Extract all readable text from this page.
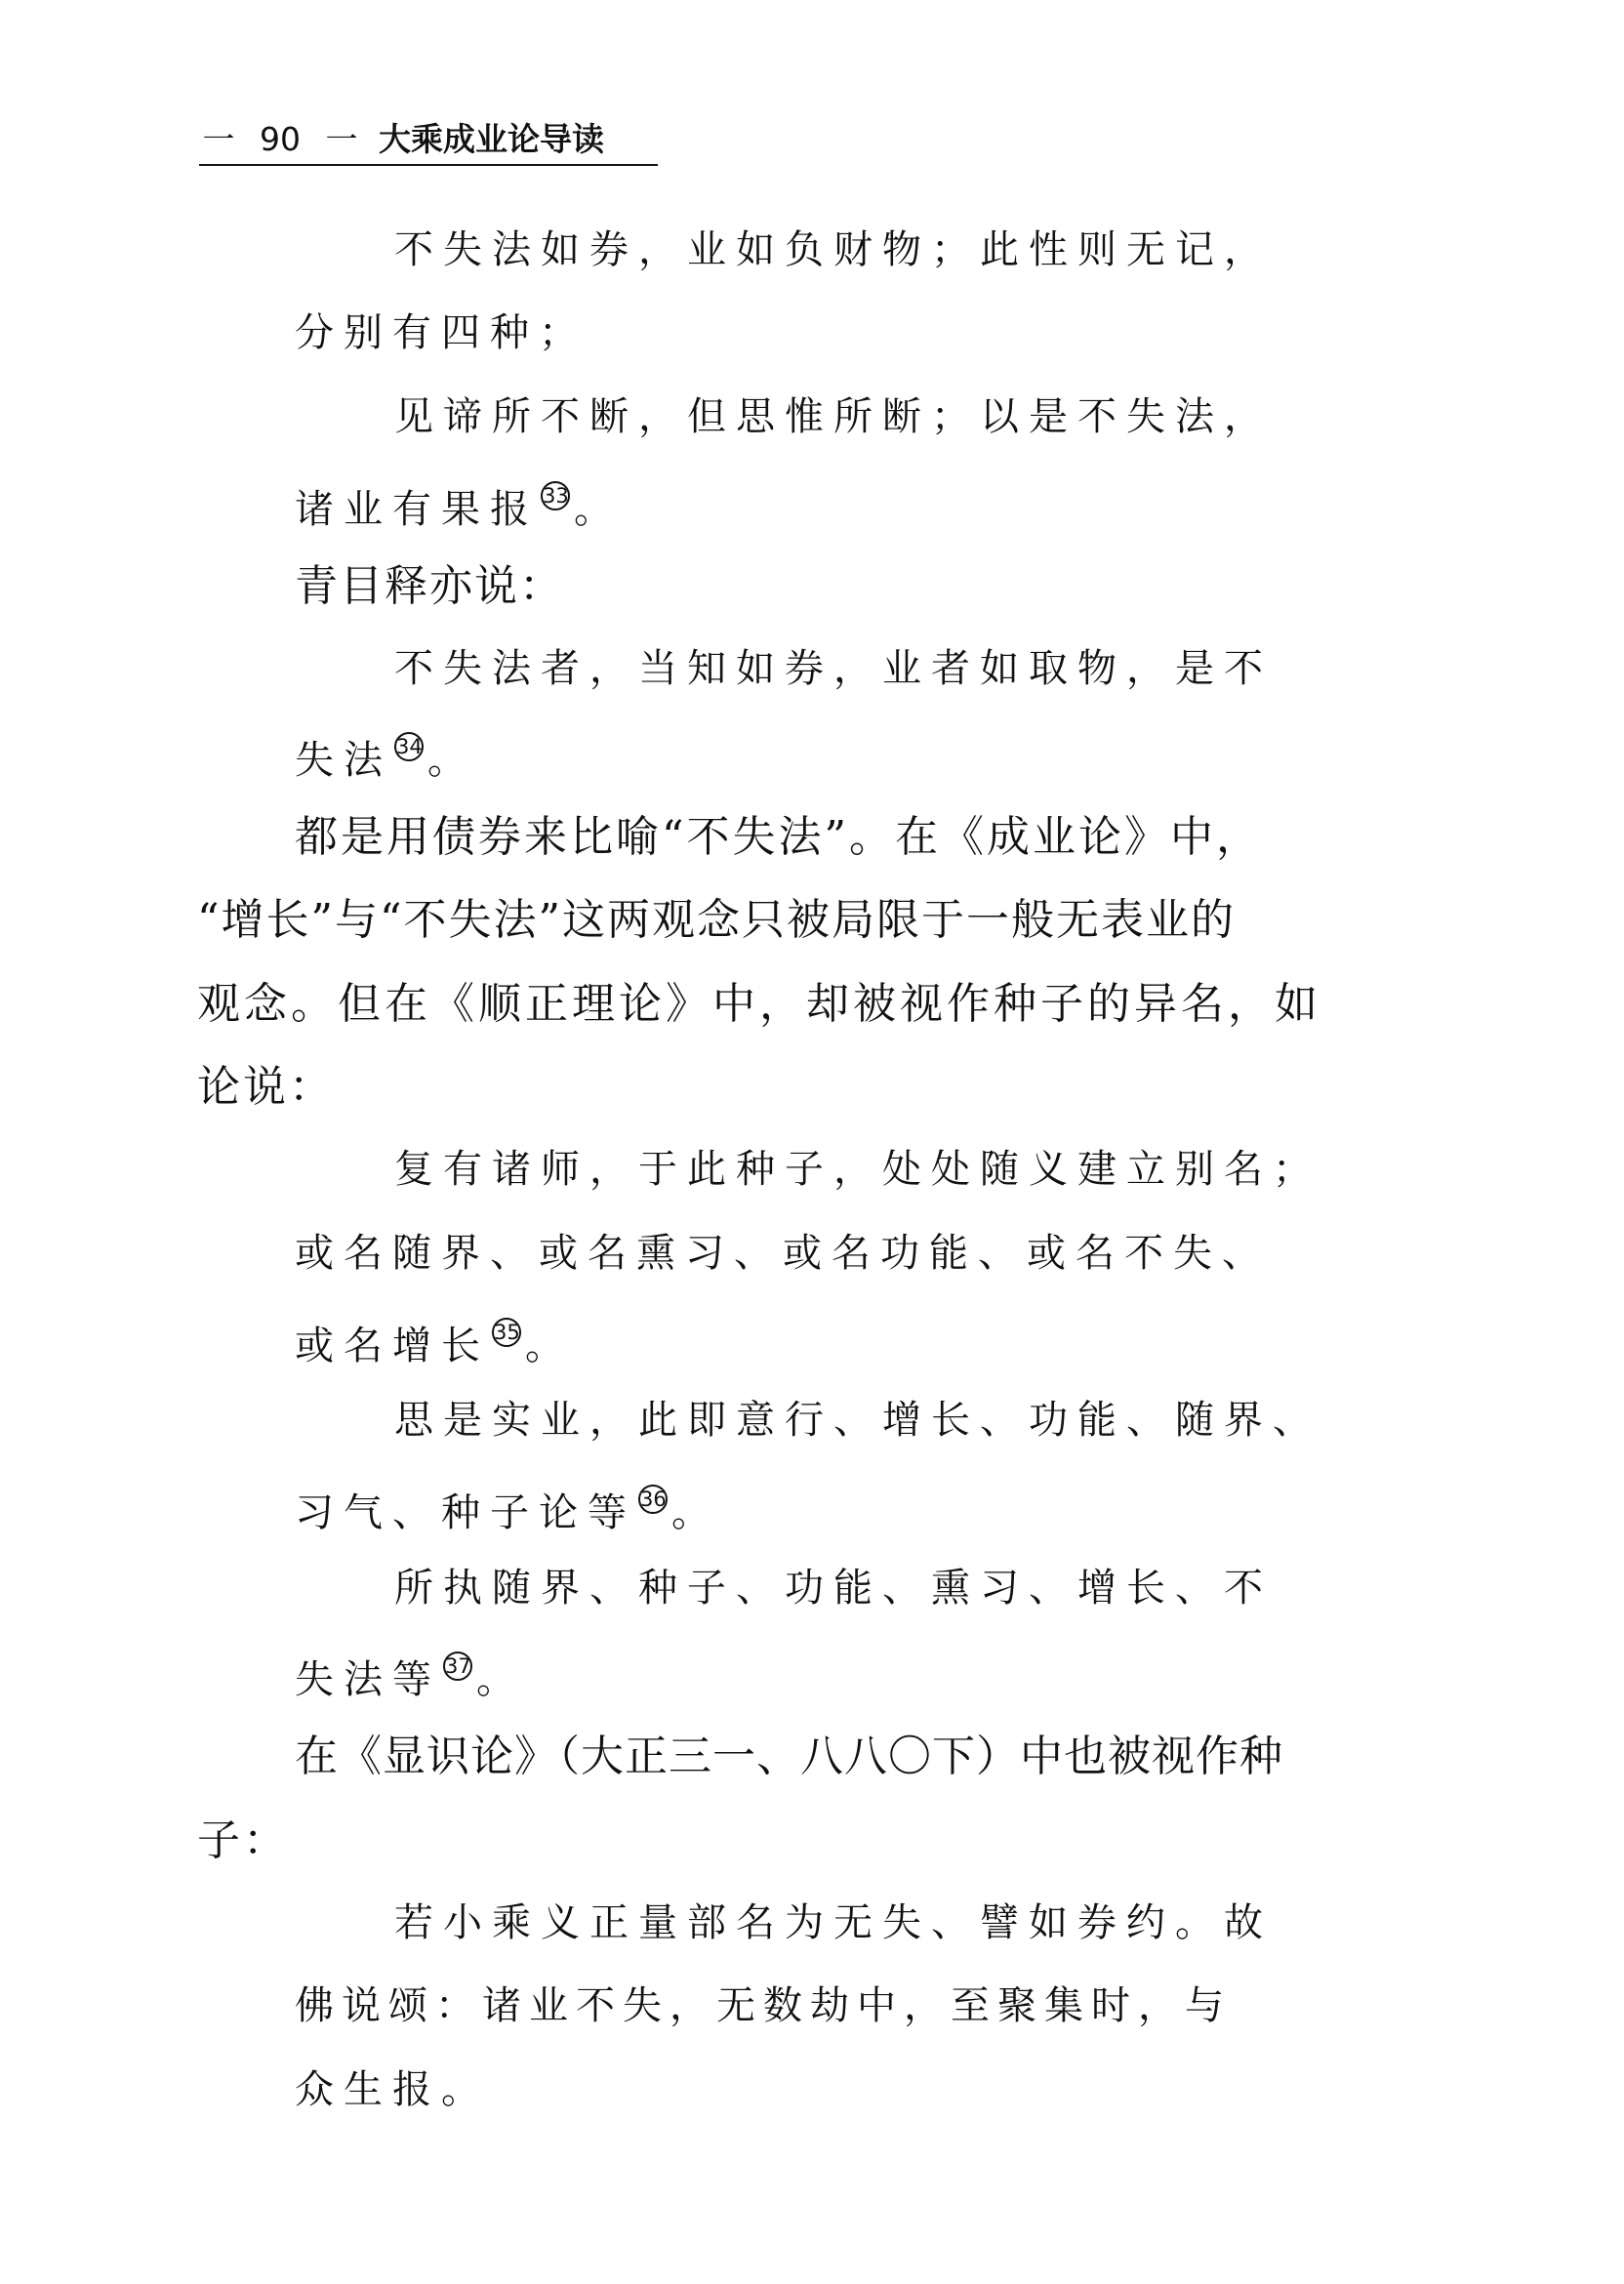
一 90 一 大乘成业论导读
不失法如券，业如负财物；此性则无记，
分别有四种；
见谛所不断，但思惟所断；以是不失法，
诸业有果报 33 。
青目释亦说：
不失法者，当知如券，业者如取物，是不
失法 34 。
都是用债券来比喻“不失法”。在《成业论》中，
“增长”与“不失法”这两观念只被局限于一般无表业的
观念。但在《顺正理论》中，却被视作种子的异名，如
论说：
复有诸师，于此种子，处处随义建立别名；
或名随界、或名熏习、或名功能、或名不失、
或名增长 35 。
思是实业，此即意行、增长、功能、随界、
习气、种子论等 36 。
所执随界、种子、功能、熏习、增长、不
失法等 37 。
在《显识论》（大正三一、八八〇下）中也被视作种
子：
若小乘义正量部名为无失、譬如券约。故
佛说颂：诸业不失，无数劫中，至聚集时，与
众生报。
